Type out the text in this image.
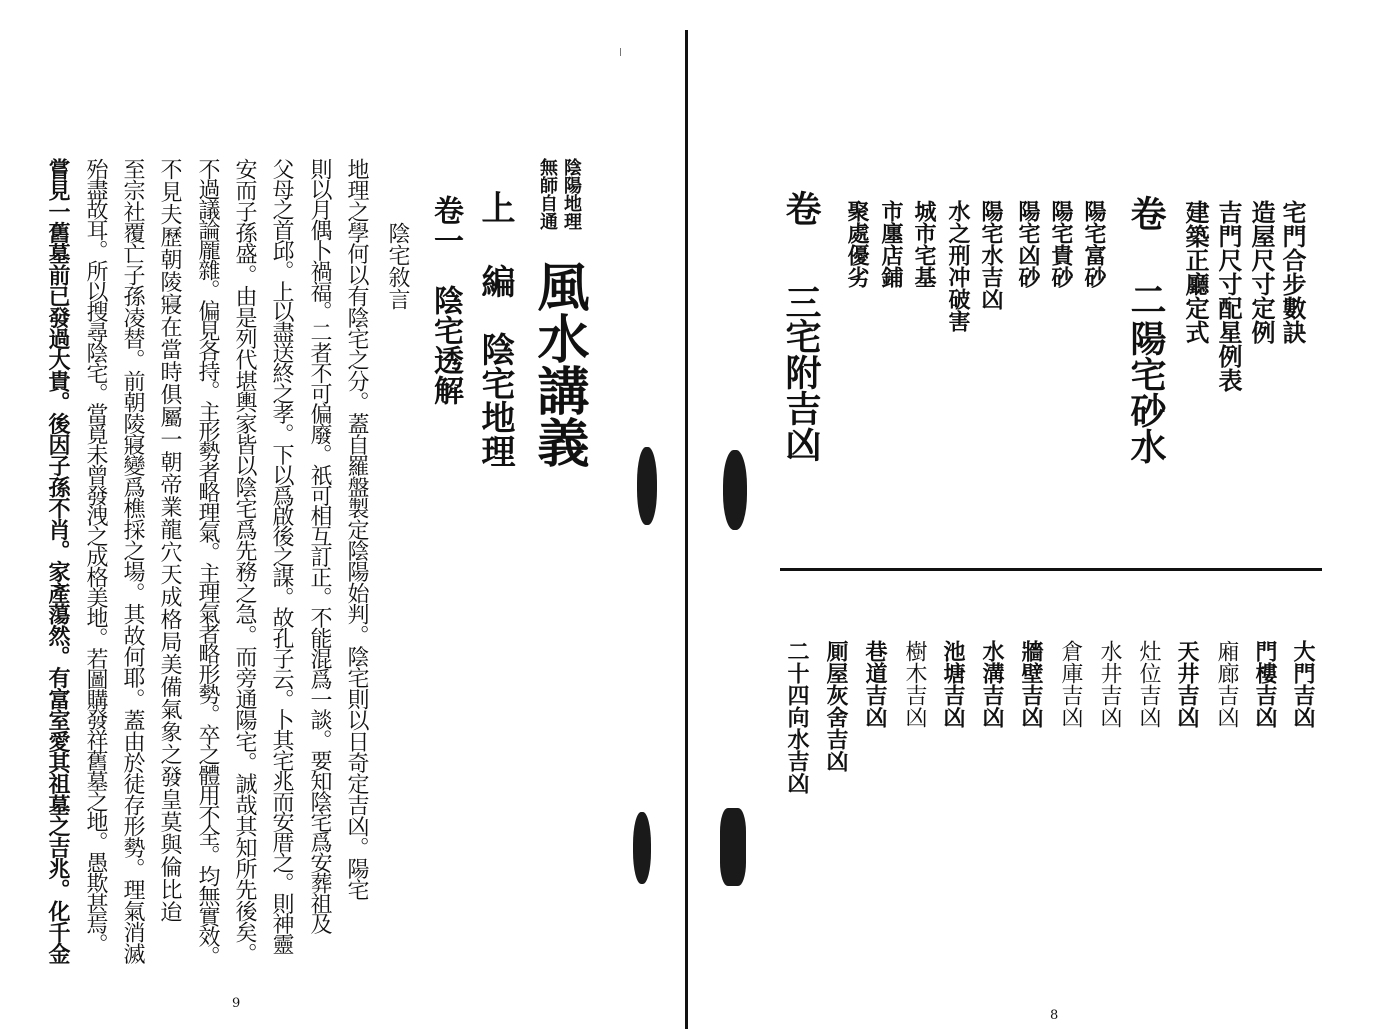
宅門合步數訣
造屋尺寸定例
吉門尺寸配星例表
建築正廳定式
卷 二
陽宅砂水
陽宅富砂
陽宅貴砂
陽宅凶砂
陽宅水吉凶
水之刑冲破害
城市宅基
市廛店鋪
聚處優劣
卷 三
宅附吉凶
大門吉凶
門樓吉凶
廂廊吉凶
天井吉凶
灶位吉凶
水井吉凶
倉庫吉凶
牆壁吉凶
水溝吉凶
池塘吉凶
樹木吉凶
巷道吉凶
厠屋灰舍吉凶
二十四向水吉凶
8
陰陽地理
無師自通
風水講義
上 編　陰宅地理
卷一　陰宅透解
陰宅敘言
地理之學何以有陰宅之分。蓋自羅盤製定陰陽始判。陰宅則以日奇定吉凶。陽宅
則以月偶卜禍福。二者不可偏廢。祇可相互訂正。不能混爲一談。要知陰宅爲安葬祖及
父母之首邱。上以盡送終之孝。下以爲啟後之謀。故孔子云。卜其宅兆而安厝之。則神靈
安而子孫盛。由是列代堪輿家皆以陰宅爲先務之急。而旁通陽宅。誠哉其知所先後矣。
不過議論龎雜。偏見各持。主形勢者略理氣。主理氣者略形勢。卒之體用不全。均無實效。
不見夫歷朝陵寢在當時俱屬一朝帝業龍穴天成格局美備氣象之發皇莫與倫比迨
至宗社覆亡子孫凌替。前朝陵寢變爲樵採之場。其故何耶。蓋由於徒存形勢。理氣消滅
殆盡故耳。所以搜尋陰宅。當覓未曾發洩之成格美地。若圖購發祥舊墓之地。愚欺甚焉。
嘗見一舊墓前已發過大貴。後因子孫不肖。家產蕩然。有富室愛其祖墓之吉兆。化千金
9
